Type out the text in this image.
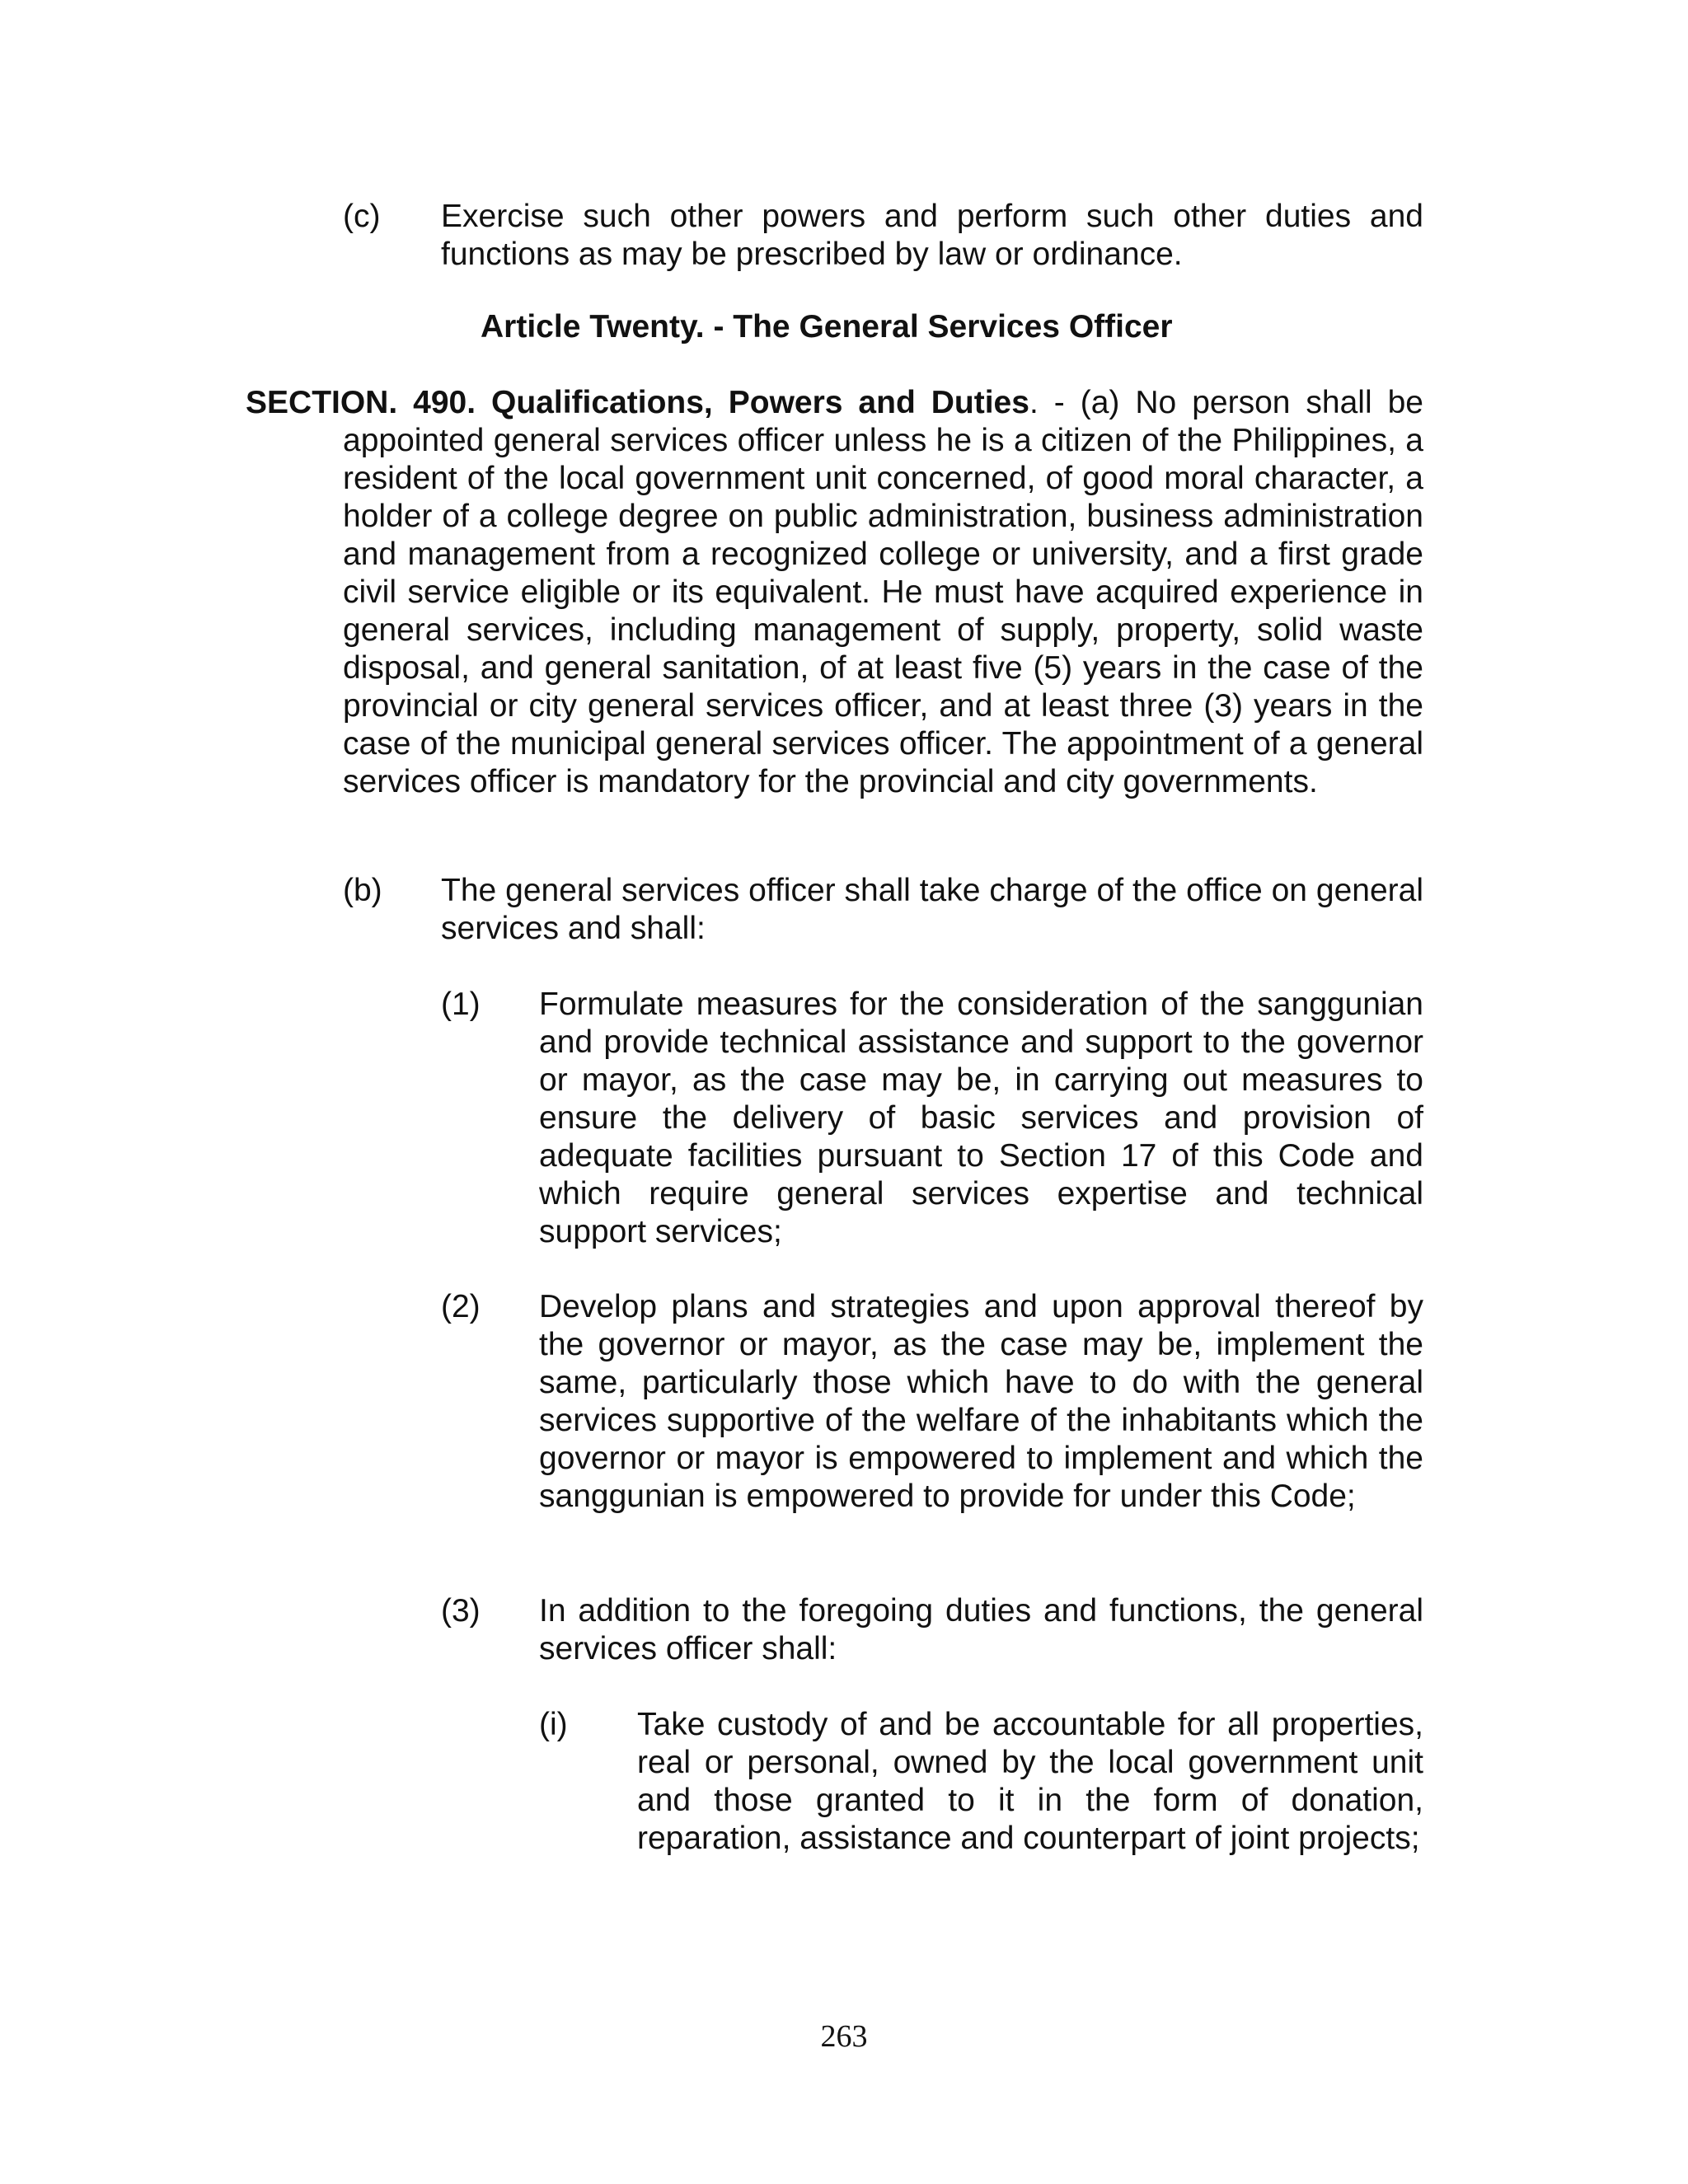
(c) Exercise such other powers and perform such other duties and functions as may be prescribed by law or ordinance.

Article Twenty. - The General Services Officer

SECTION. 490. Qualifications, Powers and Duties. - (a) No person shall be appointed general services officer unless he is a citizen of the Philippines, a resident of the local government unit concerned, of good moral character, a holder of a college degree on public administration, business administration and management from a recognized college or university, and a first grade civil service eligible or its equivalent. He must have acquired experience in general services, including management of supply, property, solid waste disposal, and general sanitation, of at least five (5) years in the case of the provincial or city general services officer, and at least three (3) years in the case of the municipal general services officer. The appointment of a general services officer is mandatory for the provincial and city governments.

(b) The general services officer shall take charge of the office on general services and shall:

(1) Formulate measures for the consideration of the sanggunian and provide technical assistance and support to the governor or mayor, as the case may be, in carrying out measures to ensure the delivery of basic services and provision of adequate facilities pursuant to Section 17 of this Code and which require general services expertise and technical support services;

(2) Develop plans and strategies and upon approval thereof by the governor or mayor, as the case may be, implement the same, particularly those which have to do with the general services supportive of the welfare of the inhabitants which the governor or mayor is empowered to implement and which the sanggunian is empowered to provide for under this Code;

(3) In addition to the foregoing duties and functions, the general services officer shall:

(i) Take custody of and be accountable for all properties, real or personal, owned by the local government unit and those granted to it in the form of donation, reparation, assistance and counterpart of joint projects;

263
